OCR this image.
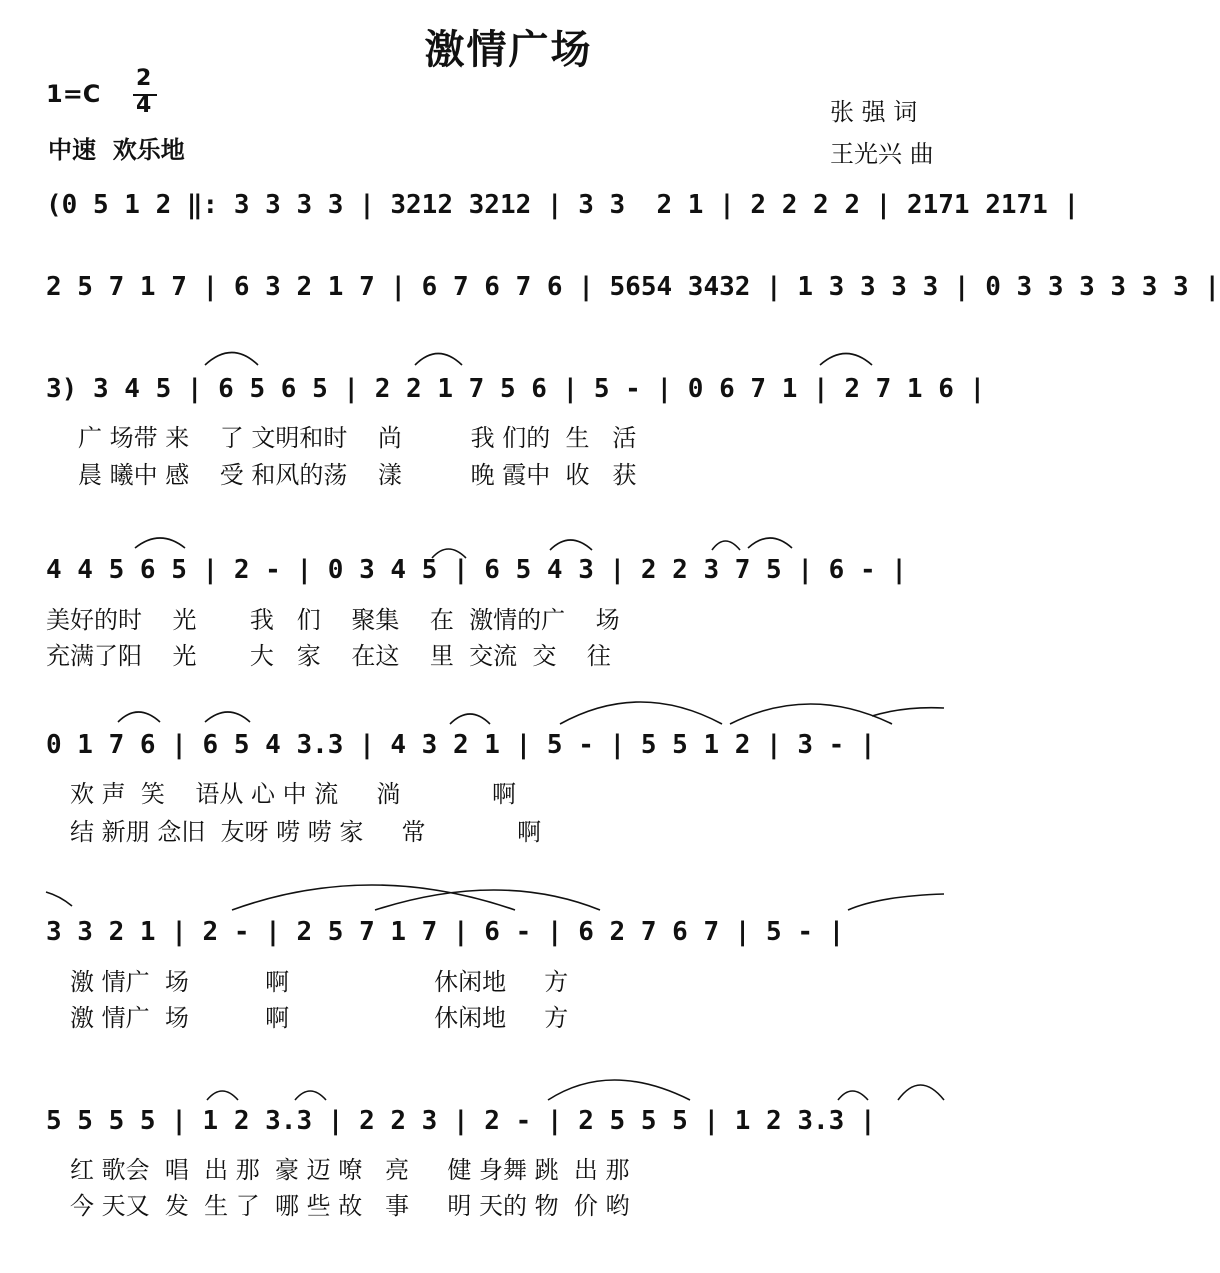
激情广场
1=C
2
4
中速  欢乐地
张 强 词
王光兴 曲
(0 5 1 2 ‖: 3 3 3 3 | 3212 3212 | 3 3  2 1 | 2 2 2 2 | 2171 2171 |
2 5 7 1 7 | 6 3 2 1 7 | 6 7 6 7 6 | 5654 3432 | 1 3 3 3 3 | 0 3 3 3 3 3 3 |
3) 3 4 5 | 6 5 6 5 | 2 2 1 7 5 6 | 5 - | 0 6 7 1 | 2 7 1 6 |
广 场带 来    了 文明和时    尚         我 们的  生   活
晨 曦中 感    受 和风的荡    漾         晚 霞中  收   获
4 4 5 6 5 | 2 - | 0 3 4 5 | 6 5 4 3 | 2 2 3 7 5 | 6 - |
美好的时    光       我   们    聚集    在  激情的广    场
充满了阳    光       大   家    在这    里  交流  交    往
0 1 7 6 | 6 5 4 3.3 | 4 3 2 1 | 5 - | 5 5 1 2 | 3 - |
欢 声  笑    语从 心 中 流     淌            啊
结 新朋 念旧  友呀 唠 唠 家     常            啊
3 3 2 1 | 2 - | 2 5 7 1 7 | 6 - | 6 2 7 6 7 | 5 - |
激 情广  场          啊                   休闲地     方
激 情广  场          啊                   休闲地     方
5 5 5 5 | 1 2 3.3 | 2 2 3 | 2 - | 2 5 5 5 | 1 2 3.3 |
红 歌会  唱  出 那  豪 迈 嘹   亮     健 身舞 跳  出 那
今 天又  发  生 了  哪 些 故   事     明 天的 物  价 哟
